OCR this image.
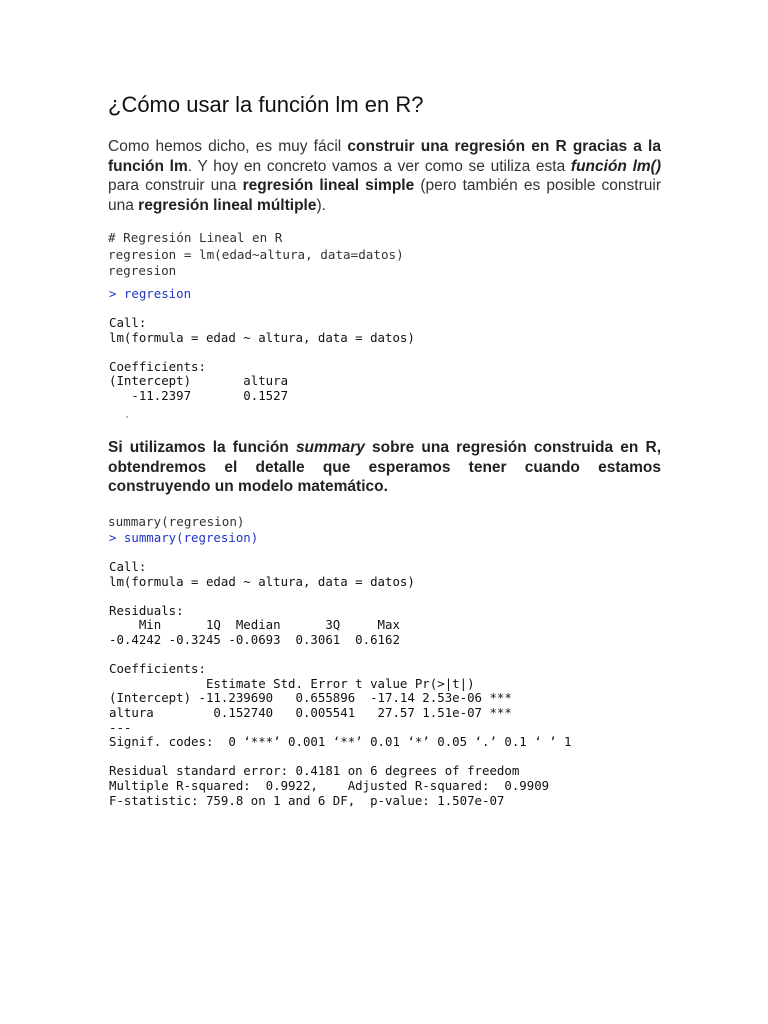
¿Cómo usar la función lm en R?

Como hemos dicho, es muy fácil construir una regresión en R gracias a la función lm. Y hoy en concreto vamos a ver como se utiliza esta función lm() para construir una regresión lineal simple (pero también es posible construir una regresión lineal múltiple).

# Regresión Lineal en R
regresion = lm(edad~altura, data=datos)
regresion
> regresion
Call:
lm(formula = edad ~ altura, data = datos)

Coefficients:
(Intercept)       altura
-11.2397       0.1527

Si utilizamos la función summary sobre una regresión construida en R, obtendremos el detalle que esperamos tener cuando estamos construyendo un modelo matemático.

summary(regresion)
> summary(regresion)
Call:
lm(formula = edad ~ altura, data = datos)

Residuals:
Min      1Q  Median      3Q     Max
-0.4242 -0.3245 -0.0693  0.3061  0.6162

Coefficients:
Estimate Std. Error t value Pr(>|t|)
(Intercept) -11.239690   0.655896  -17.14 2.53e-06 ***
altura        0.152740   0.005541   27.57 1.51e-07 ***
---
Signif. codes:  0 ‘***’ 0.001 ‘**’ 0.01 ‘*’ 0.05 ‘.’ 0.1 ‘ ’ 1

Residual standard error: 0.4181 on 6 degrees of freedom
Multiple R-squared:  0.9922,	Adjusted R-squared:  0.9909
F-statistic: 759.8 on 1 and 6 DF,  p-value: 1.507e-07
